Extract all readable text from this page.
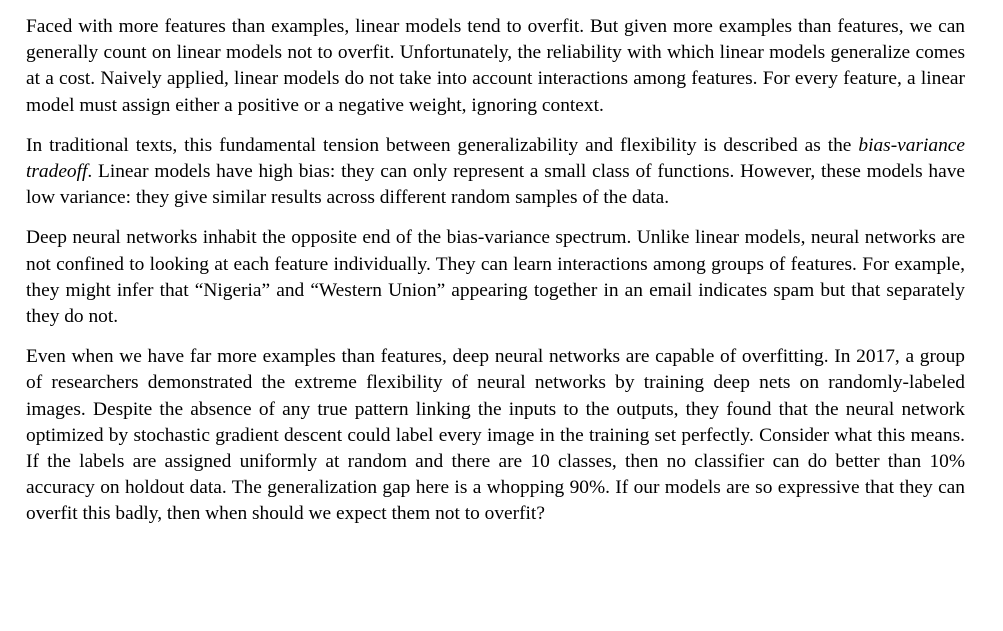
Faced with more features than examples, linear models tend to overfit. But given more examples than features, we can generally count on linear models not to overfit. Unfortunately, the reliability with which linear models generalize comes at a cost. Naively applied, linear models do not take into account interactions among features. For every feature, a linear model must assign either a positive or a negative weight, ignoring context.

In traditional texts, this fundamental tension between generalizability and flexibility is described as the bias-variance tradeoff. Linear models have high bias: they can only represent a small class of functions. However, these models have low variance: they give similar results across different random samples of the data.

Deep neural networks inhabit the opposite end of the bias-variance spectrum. Unlike linear models, neural networks are not confined to looking at each feature individually. They can learn interactions among groups of features. For example, they might infer that “Nigeria” and “Western Union” appearing together in an email indicates spam but that separately they do not.

Even when we have far more examples than features, deep neural networks are capable of overfitting. In 2017, a group of researchers demonstrated the extreme flexibility of neural networks by training deep nets on randomly-labeled images. Despite the absence of any true pattern linking the inputs to the outputs, they found that the neural network optimized by stochastic gradient descent could label every image in the training set perfectly. Consider what this means. If the labels are assigned uniformly at random and there are 10 classes, then no classifier can do better than 10% accuracy on holdout data. The generalization gap here is a whopping 90%. If our models are so expressive that they can overfit this badly, then when should we expect them not to overfit?
